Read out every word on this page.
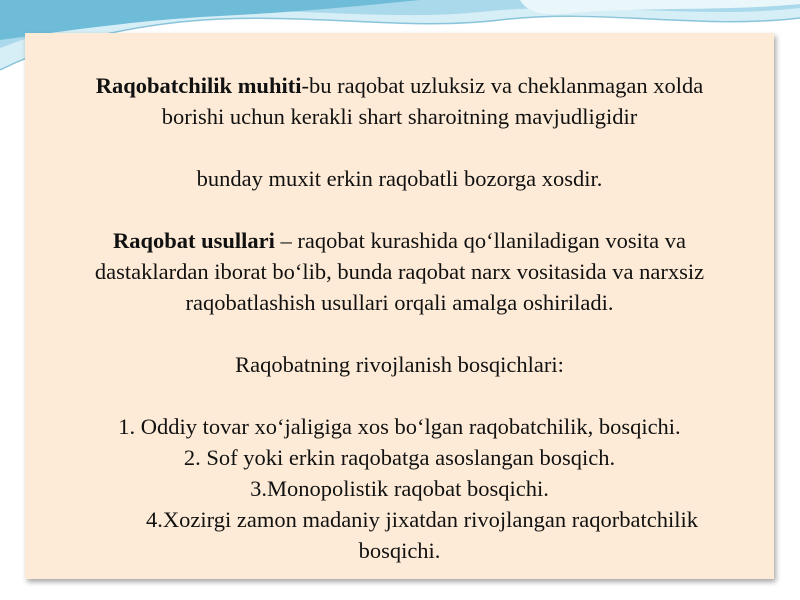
Raqobatchilik muhiti-bu raqobat uzluksiz va cheklanmagan xolda

borishi uchun kerakli shart sharoitning mavjudligidir

bunday muxit erkin raqobatli bozorga xosdir.

Raqobat usullari – raqobat kurashida qo‘llaniladigan vosita va

dastaklardan iborat bo‘lib, bunda raqobat narx vositasida va narxsiz

raqobatlashish usullari orqali amalga oshiriladi.

Raqobatning rivojlanish bosqichlari:

1. Oddiy tovar xo‘jaligiga xos bo‘lgan raqobatchilik, bosqichi.

2. Sof yoki erkin raqobatga asoslangan bosqich.

3.Monopolistik raqobat bosqichi.

4.Xozirgi zamon madaniy jixatdan rivojlangan raqorbatchilik

bosqichi.
